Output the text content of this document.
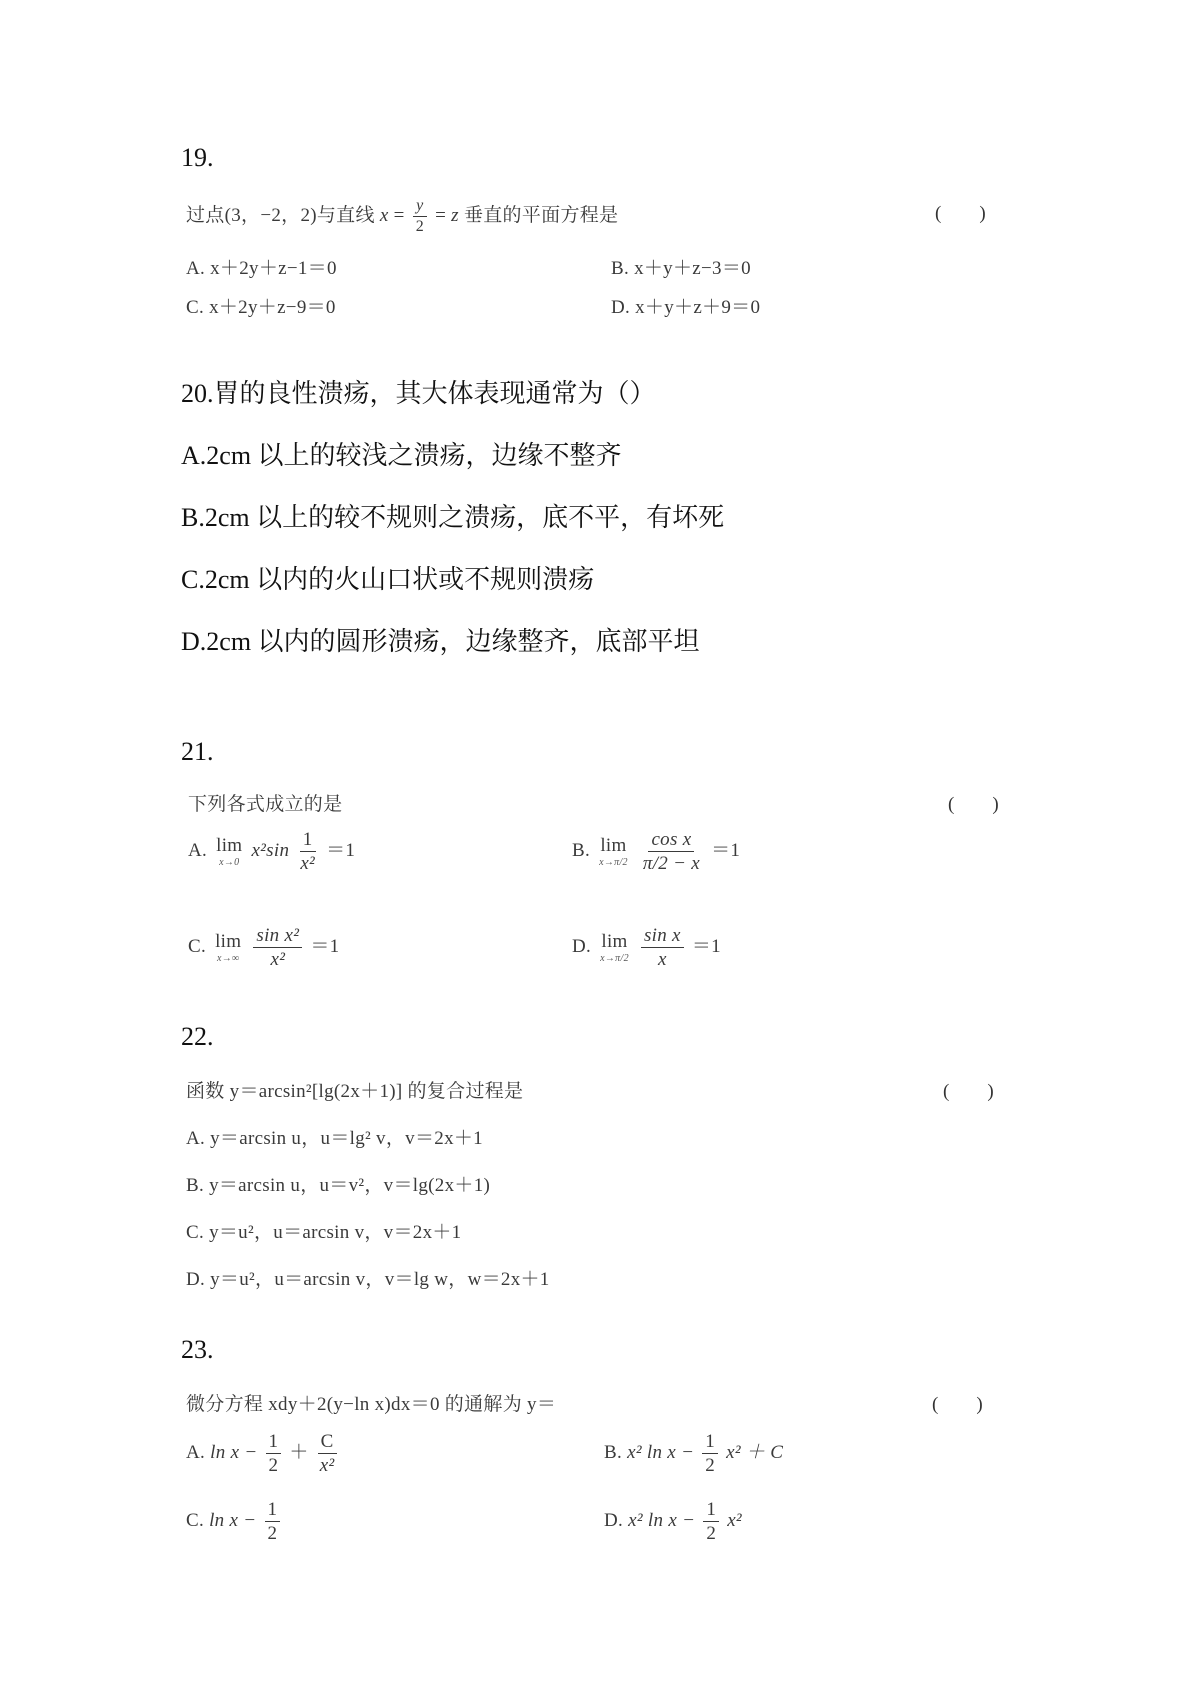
19.
过点(3，−2，2)与直线 $x = \frac{y}{2} = z$ 垂直的平面方程是	(　　)
A. x＋2y＋z−1＝0	B. x＋y＋z−3＝0
C. x＋2y＋z−9＝0	D. x＋y＋z＋9＝0
20.胃的良性溃疡，其大体表现通常为（）
A.2cm 以上的较浅之溃疡，边缘不整齐
B.2cm 以上的较不规则之溃疡，底不平，有坏死
C.2cm 以内的火山口状或不规则溃疡
D.2cm 以内的圆形溃疡，边缘整齐，底部平坦
21.
下列各式成立的是	(　　)
A. lim
x→0
$x^2\sin \frac{1}{\text{x²}} =1$	B. lim
x→π/2
$\frac{\text{cos x}}{\pi/2 - x} =1$
C. lim
x→∞
$\frac{\text{sin x²}}{\text{x²}} =1$	D. lim
x→π/2
$\frac{\text{sin x}}{x} =1$
22.
函数 y＝arcsin²[lg(2x＋1)] 的复合过程是	(　　)
A. y＝arcsin u，u＝lg² v，v＝2x＋1
B. y＝arcsin u，u＝v²，v＝lg(2x＋1)
C. y＝u²，u＝arcsin v，v＝2x＋1
D. y＝u²，u＝arcsin v，v＝lg w，w＝2x＋1
23.
微分方程 xdy＋2(y−ln x)dx＝0 的通解为 y＝	(　　)
A. $\ln x - \frac{1}{2} + \frac{C}{\text{x²}}$	B. x² $\ln x - \frac{1}{2} x^2 + C$
C. $\ln x - \frac{1}{2}$	D. x² $\ln x - \frac{1}{2} x^2$
